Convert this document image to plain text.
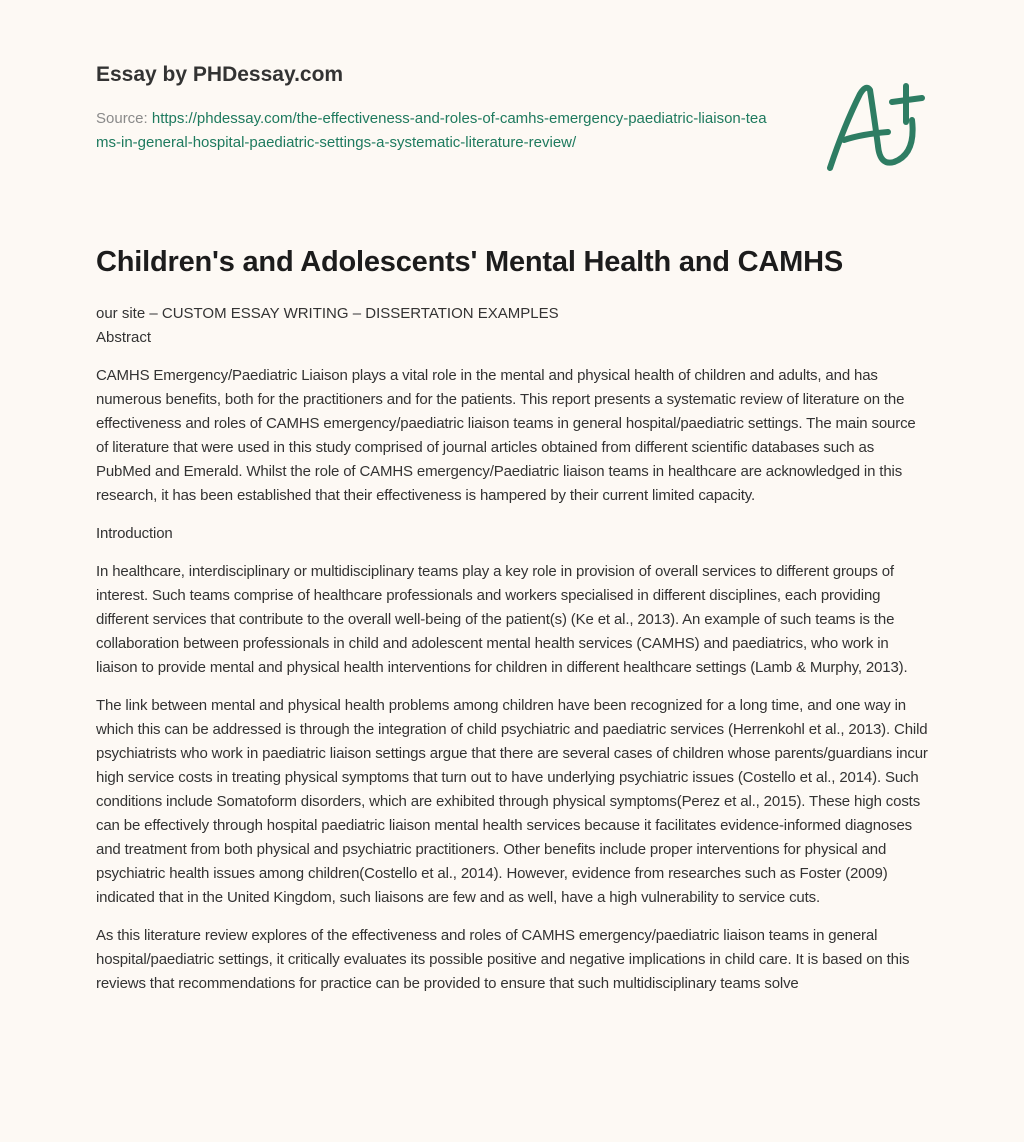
Essay by PHDessay.com
Source: https://phdessay.com/the-effectiveness-and-roles-of-camhs-emergency-paediatric-liaison-teams-in-general-hospital-paediatric-settings-a-systematic-literature-review/
Children's and Adolescents' Mental Health and CAMHS
our site – CUSTOM ESSAY WRITING – DISSERTATION EXAMPLES
Abstract

CAMHS Emergency/Paediatric Liaison plays a vital role in the mental and physical health of children and adults, and has numerous benefits, both for the practitioners and for the patients. This report presents a systematic review of literature on the effectiveness and roles of CAMHS emergency/paediatric liaison teams in general hospital/paediatric settings. The main source of literature that were used in this study comprised of journal articles obtained from different scientific databases such as PubMed and Emerald. Whilst the role of CAMHS emergency/Paediatric liaison teams in healthcare are acknowledged in this research, it has been established that their effectiveness is hampered by their current limited capacity.

Introduction

In healthcare, interdisciplinary or multidisciplinary teams play a key role in provision of overall services to different groups of interest. Such teams comprise of healthcare professionals and workers specialised in different disciplines, each providing different services that contribute to the overall well-being of the patient(s) (Ke et al., 2013). An example of such teams is the collaboration between professionals in child and adolescent mental health services (CAMHS) and paediatrics, who work in liaison to provide mental and physical health interventions for children in different healthcare settings (Lamb & Murphy, 2013).

The link between mental and physical health problems among children have been recognized for a long time, and one way in which this can be addressed is through the integration of child psychiatric and paediatric services (Herrenkohl et al., 2013). Child psychiatrists who work in paediatric liaison settings argue that there are several cases of children whose parents/guardians incur high service costs in treating physical symptoms that turn out to have underlying psychiatric issues (Costello et al., 2014). Such conditions include Somatoform disorders, which are exhibited through physical symptoms(Perez et al., 2015). These high costs can be effectively through hospital paediatric liaison mental health services because it facilitates evidence-informed diagnoses and treatment from both physical and psychiatric practitioners. Other benefits include proper interventions for physical and psychiatric health issues among children(Costello et al., 2014). However, evidence from researches such as Foster (2009) indicated that in the United Kingdom, such liaisons are few and as well, have a high vulnerability to service cuts.

As this literature review explores of the effectiveness and roles of CAMHS emergency/paediatric liaison teams in general hospital/paediatric settings, it critically evaluates its possible positive and negative implications in child care. It is based on this reviews that recommendations for practice can be provided to ensure that such multidisciplinary teams solve
